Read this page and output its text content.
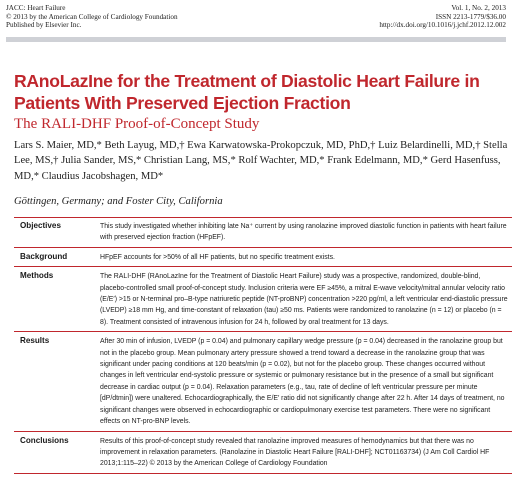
JACC: Heart Failure
© 2013 by the American College of Cardiology Foundation
Published by Elsevier Inc.
Vol. 1, No. 2, 2013
ISSN 2213-1779/$36.00
http://dx.doi.org/10.1016/j.jchf.2012.12.002
RAnoLazIne for the Treatment of Diastolic Heart Failure in Patients With Preserved Ejection Fraction
The RALI-DHF Proof-of-Concept Study
Lars S. Maier, MD,* Beth Layug, MD,† Ewa Karwatowska-Prokopczuk, MD, PhD,† Luiz Belardinelli, MD,† Stella Lee, MS,† Julia Sander, MS,* Christian Lang, MS,* Rolf Wachter, MD,* Frank Edelmann, MD,* Gerd Hasenfuss, MD,* Claudius Jacobshagen, MD*
Göttingen, Germany; and Foster City, California
Objectives	This study investigated whether inhibiting late Na⁺ current by using ranolazine improved diastolic function in patients with heart failure with preserved ejection fraction (HFpEF).
Background	HFpEF accounts for >50% of all HF patients, but no specific treatment exists.
Methods	The RALI-DHF (RAnoLazIne for the Treatment of Diastolic Heart Failure) study was a prospective, randomized, double-blind, placebo-controlled small proof-of-concept study. Inclusion criteria were EF ≥45%, a mitral E-wave velocity/mitral annular velocity ratio (E/E′) >15 or N-terminal pro–B-type natriuretic peptide (NT-proBNP) concentration >220 pg/ml, a left ventricular end-diastolic pressure (LVEDP) ≥18 mm Hg, and time-constant of relaxation (tau) ≥50 ms. Patients were randomized to ranolazine (n = 12) or placebo (n = 8). Treatment consisted of intravenous infusion for 24 h, followed by oral treatment for 13 days.
Results	After 30 min of infusion, LVEDP (p = 0.04) and pulmonary capillary wedge pressure (p = 0.04) decreased in the ranolazine group but not in the placebo group. Mean pulmonary artery pressure showed a trend toward a decrease in the ranolazine group that was significant under pacing conditions at 120 beats/min (p = 0.02), but not for the placebo group. These changes occurred without changes in left ventricular end-systolic pressure or systemic or pulmonary resistance but in the presence of a small but significant decrease in cardiac output (p = 0.04). Relaxation parameters (e.g., tau, rate of decline of left ventricular pressure per minute [dP/dtmin]) were unaltered. Echocardiographically, the E/E′ ratio did not significantly change after 22 h. After 14 days of treatment, no significant changes were observed in echocardiographic or cardiopulmonary exercise test parameters. There were no significant effects on NT-pro-BNP levels.
Conclusions	Results of this proof-of-concept study revealed that ranolazine improved measures of hemodynamics but that there was no improvement in relaxation parameters. (Ranolazine in Diastolic Heart Failure [RALI-DHF]; NCT01163734) (J Am Coll Cardiol HF 2013;1:115–22) © 2013 by the American College of Cardiology Foundation
